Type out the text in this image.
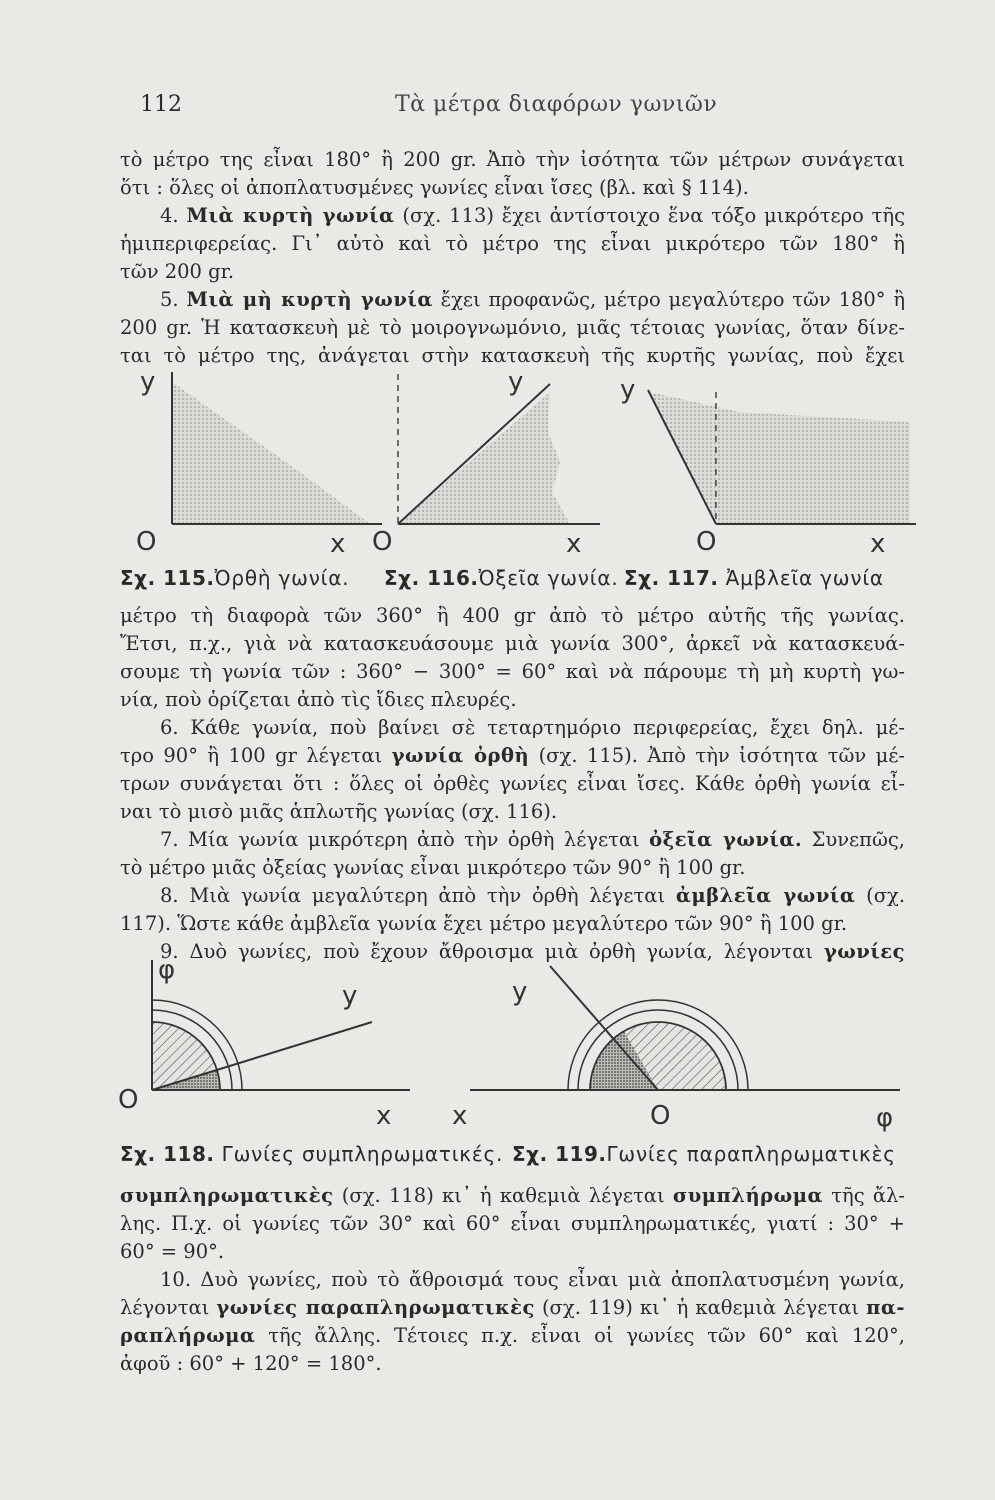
112	Τὰ μέτρα διαφόρων γωνιῶν
τὸ μέτρο της εἶναι 180° ἢ 200 gr. Ἀπὸ τὴν ἰσότητα τῶν μέτρων συνάγεται
ὅτι : ὅλες οἱ ἀποπλατυσμένες γωνίες εἶναι ἴσες (βλ. καὶ § 114).
4. Μιὰ κυρτὴ γωνία (σχ. 113) ἔχει ἀντίστοιχο ἕνα τόξο μικρότερο τῆς
ἡμιπεριφερείας. Γι᾽ αὐτὸ καὶ τὸ μέτρο της εἶναι μικρότερο τῶν 180° ἢ
τῶν 200 gr.
5. Μιὰ μὴ κυρτὴ γωνία ἔχει προφανῶς, μέτρο μεγαλύτερο τῶν 180° ἢ
200 gr. Ἡ κατασκευὴ μὲ τὸ μοιρογνωμόνιο, μιᾶς τέτοιας γωνίας, ὅταν δίνε-
ται τὸ μέτρο της, ἀνάγεται στὴν κατασκευὴ τῆς κυρτῆς γωνίας, ποὺ ἔχει
y
O	x
y
O	x
y
O	x
Σχ. 115.Ὀρθὴ γωνία. Σχ. 116.Ὀξεῖα γωνία. Σχ. 117. Ἀμβλεῖα γωνία
μέτρο τὴ διαφορὰ τῶν 360° ἢ 400 gr ἀπὸ τὸ μέτρο αὐτῆς τῆς γωνίας.
Ἔτσι, π.χ., γιὰ νὰ κατασκευάσουμε μιὰ γωνία 300°, ἀρκεῖ νὰ κατασκευά-
σουμε τὴ γωνία τῶν : 360° − 300° = 60° καὶ νὰ πάρουμε τὴ μὴ κυρτὴ γω-
νία, ποὺ ὁρίζεται ἀπὸ τὶς ἴδιες πλευρές.
6. Κάθε γωνία, ποὺ βαίνει σὲ τεταρτημόριο περιφερείας, ἔχει δηλ. μέ-
τρο 90° ἢ 100 gr λέγεται γωνία ὀρθὴ (σχ. 115). Ἀπὸ τὴν ἰσότητα τῶν μέ-
τρων συνάγεται ὅτι : ὅλες οἱ ὀρθὲς γωνίες εἶναι ἴσες. Κάθε ὀρθὴ γωνία εἶ-
ναι τὸ μισὸ μιᾶς ἁπλωτῆς γωνίας (σχ. 116).
7. Μία γωνία μικρότερη ἀπὸ τὴν ὀρθὴ λέγεται ὀξεῖα γωνία. Συνεπῶς,
τὸ μέτρο μιᾶς ὀξείας γωνίας εἶναι μικρότερο τῶν 90° ἢ 100 gr.
8. Μιὰ γωνία μεγαλύτερη ἀπὸ τὴν ὀρθὴ λέγεται ἀμβλεῖα γωνία (σχ.
117). Ὥστε κάθε ἀμβλεῖα γωνία ἔχει μέτρο μεγαλύτερο τῶν 90° ἢ 100 gr.
9. Δυὸ γωνίες, ποὺ ἔχουν ἄθροισμα μιὰ ὀρθὴ γωνία, λέγονται γωνίες
φ
y
O
x
y
x	O	φ
Σχ. 118. Γωνίες συμπληρωματικές. Σχ. 119.Γωνίες παραπληρωματικὲς
συμπληρωματικὲς (σχ. 118) κι᾽ ἡ καθεμιὰ λέγεται συμπλήρωμα τῆς ἄλ-
λης. Π.χ. οἱ γωνίες τῶν 30° καὶ 60° εἶναι συμπληρωματικές, γιατί : 30° +
60° = 90°.
10. Δυὸ γωνίες, ποὺ τὸ ἄθροισμά τους εἶναι μιὰ ἀποπλατυσμένη γωνία,
λέγονται γωνίες παραπληρωματικὲς (σχ. 119) κι᾽ ἡ καθεμιὰ λέγεται πα-
ραπλήρωμα τῆς ἄλλης. Τέτοιες π.χ. εἶναι οἱ γωνίες τῶν 60° καὶ 120°,
ἀφοῦ : 60° + 120° = 180°.
